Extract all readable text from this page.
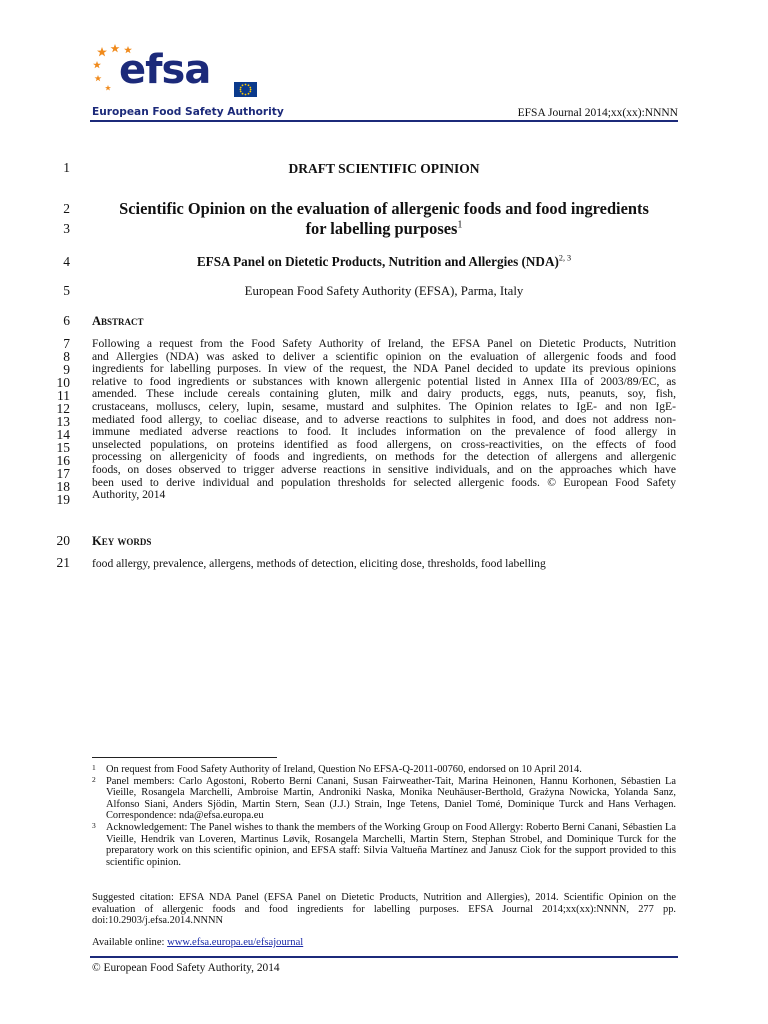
efsa
European Food Safety Authority	EFSA Journal 2014;xx(xx):NNNN
1
2
3
4
5
6
7
8
9
10
11
12
13
14
15
16
17
18
19
20
21
DRAFT SCIENTIFIC OPINION
Scientific Opinion on the evaluation of allergenic foods and food ingredients
for labelling purposes$^1$
EFSA Panel on Dietetic Products, Nutrition and Allergies (NDA)$^{2, 3}$
European Food Safety Authority (EFSA), Parma, Italy
Abstract
Following a request from the Food Safety Authority of Ireland, the EFSA Panel on Dietetic Products, Nutrition
and Allergies (NDA) was asked to deliver a scientific opinion on the evaluation of allergenic foods and food
ingredients for labelling purposes. In view of the request, the NDA Panel decided to update its previous opinions
relative to food ingredients or substances with known allergenic potential listed in Annex IIIa of 2003/89/EC, as
amended. These include cereals containing gluten, milk and dairy products, eggs, nuts, peanuts, soy, fish,
crustaceans, molluscs, celery, lupin, sesame, mustard and sulphites. The Opinion relates to IgE- and non IgE-
mediated food allergy, to coeliac disease, and to adverse reactions to sulphites in food, and does not address non-
immune mediated adverse reactions to food. It includes information on the prevalence of food allergy in
unselected populations, on proteins identified as food allergens, on cross-reactivities, on the effects of food
processing on allergenicity of foods and ingredients, on methods for the detection of allergens and allergenic
foods, on doses observed to trigger adverse reactions in sensitive individuals, and on the approaches which have
been used to derive individual and population thresholds for selected allergenic foods. © European Food Safety
Authority, 2014
Key words
food allergy, prevalence, allergens, methods of detection, eliciting dose, thresholds, food labelling
1 On request from Food Safety Authority of Ireland, Question No EFSA-Q-2011-00760, endorsed on 10 April 2014.
2 Panel members: Carlo Agostoni, Roberto Berni Canani, Susan Fairweather-Tait, Marina Heinonen, Hannu Korhonen, Sébastien La Vieille, Rosangela Marchelli, Ambroise Martin, Androniki Naska, Monika Neuhäuser-Berthold, Grażyna Nowicka, Yolanda Sanz, Alfonso Siani, Anders Sjödin, Martin Stern, Sean (J.J.) Strain, Inge Tetens, Daniel Tomé, Dominique Turck and Hans Verhagen. Correspondence: nda@efsa.europa.eu
3 Acknowledgement: The Panel wishes to thank the members of the Working Group on Food Allergy: Roberto Berni Canani, Sébastien La Vieille, Hendrik van Loveren, Martinus Løvik, Rosangela Marchelli, Martin Stern, Stephan Strobel, and Dominique Turck for the preparatory work on this scientific opinion, and EFSA staff: Silvia Valtueña Martínez and Janusz Ciok for the support provided to this scientific opinion.
Suggested citation: EFSA NDA Panel (EFSA Panel on Dietetic Products, Nutrition and Allergies), 2014. Scientific Opinion on the evaluation of allergenic foods and food ingredients for labelling purposes. EFSA Journal 2014;xx(xx):NNNN, 277 pp. doi:10.2903/j.efsa.2014.NNNN
Available online: www.efsa.europa.eu/efsajournal
© European Food Safety Authority, 2014
